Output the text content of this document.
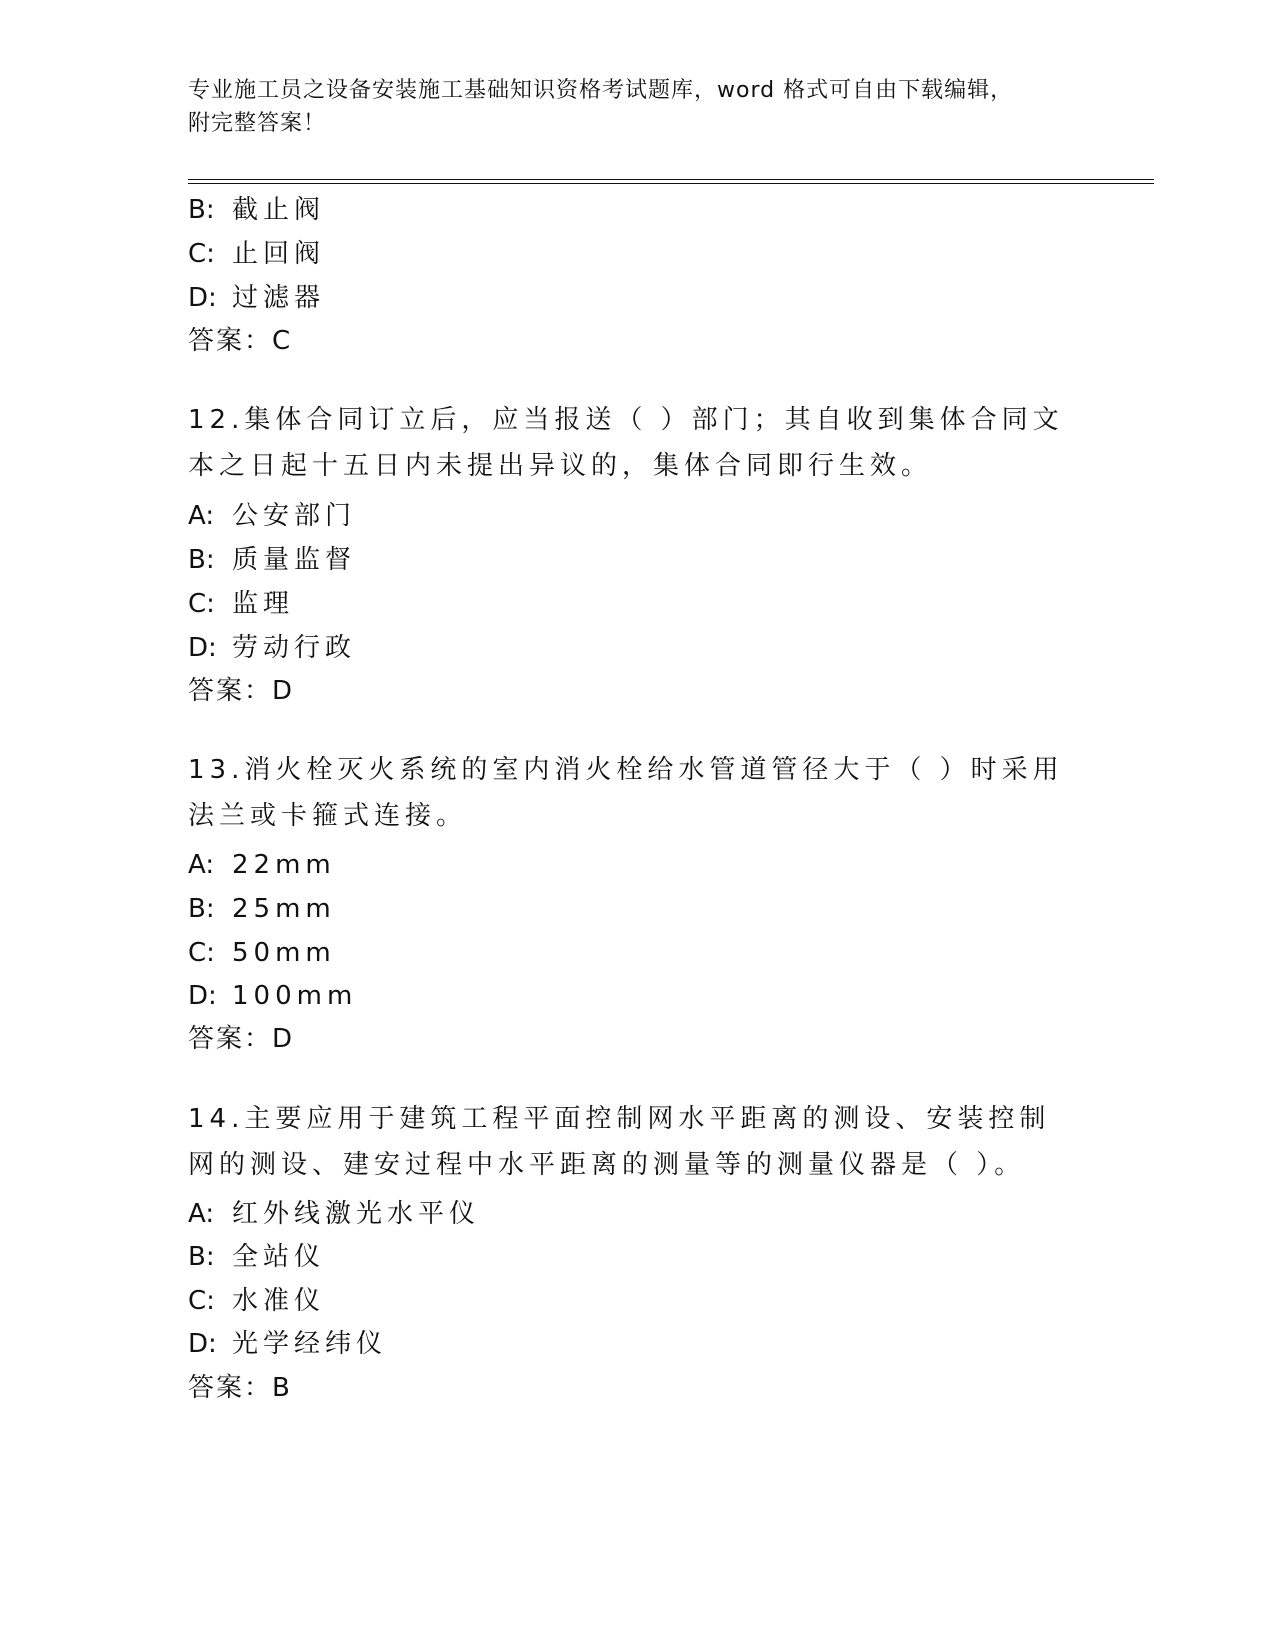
专业施工员之设备安装施工基础知识资格考试题库，word 格式可自由下载编辑，
附完整答案！
B: 截止阀
C: 止回阀
D: 过滤器
答案：C
12.集体合同订立后，应当报送（ ）部门；其自收到集体合同文本之日起十五日内未提出异议的，集体合同即行生效。
A: 公安部门
B: 质量监督
C: 监理
D: 劳动行政
答案：D
13.消火栓灭火系统的室内消火栓给水管道管径大于（ ）时采用法兰或卡箍式连接。
A: 22mm
B: 25mm
C: 50mm
D: 100mm
答案：D
14.主要应用于建筑工程平面控制网水平距离的测设、安装控制网的测设、建安过程中水平距离的测量等的测量仪器是（ ）。
A: 红外线激光水平仪
B: 全站仪
C: 水准仪
D: 光学经纬仪
答案：B
